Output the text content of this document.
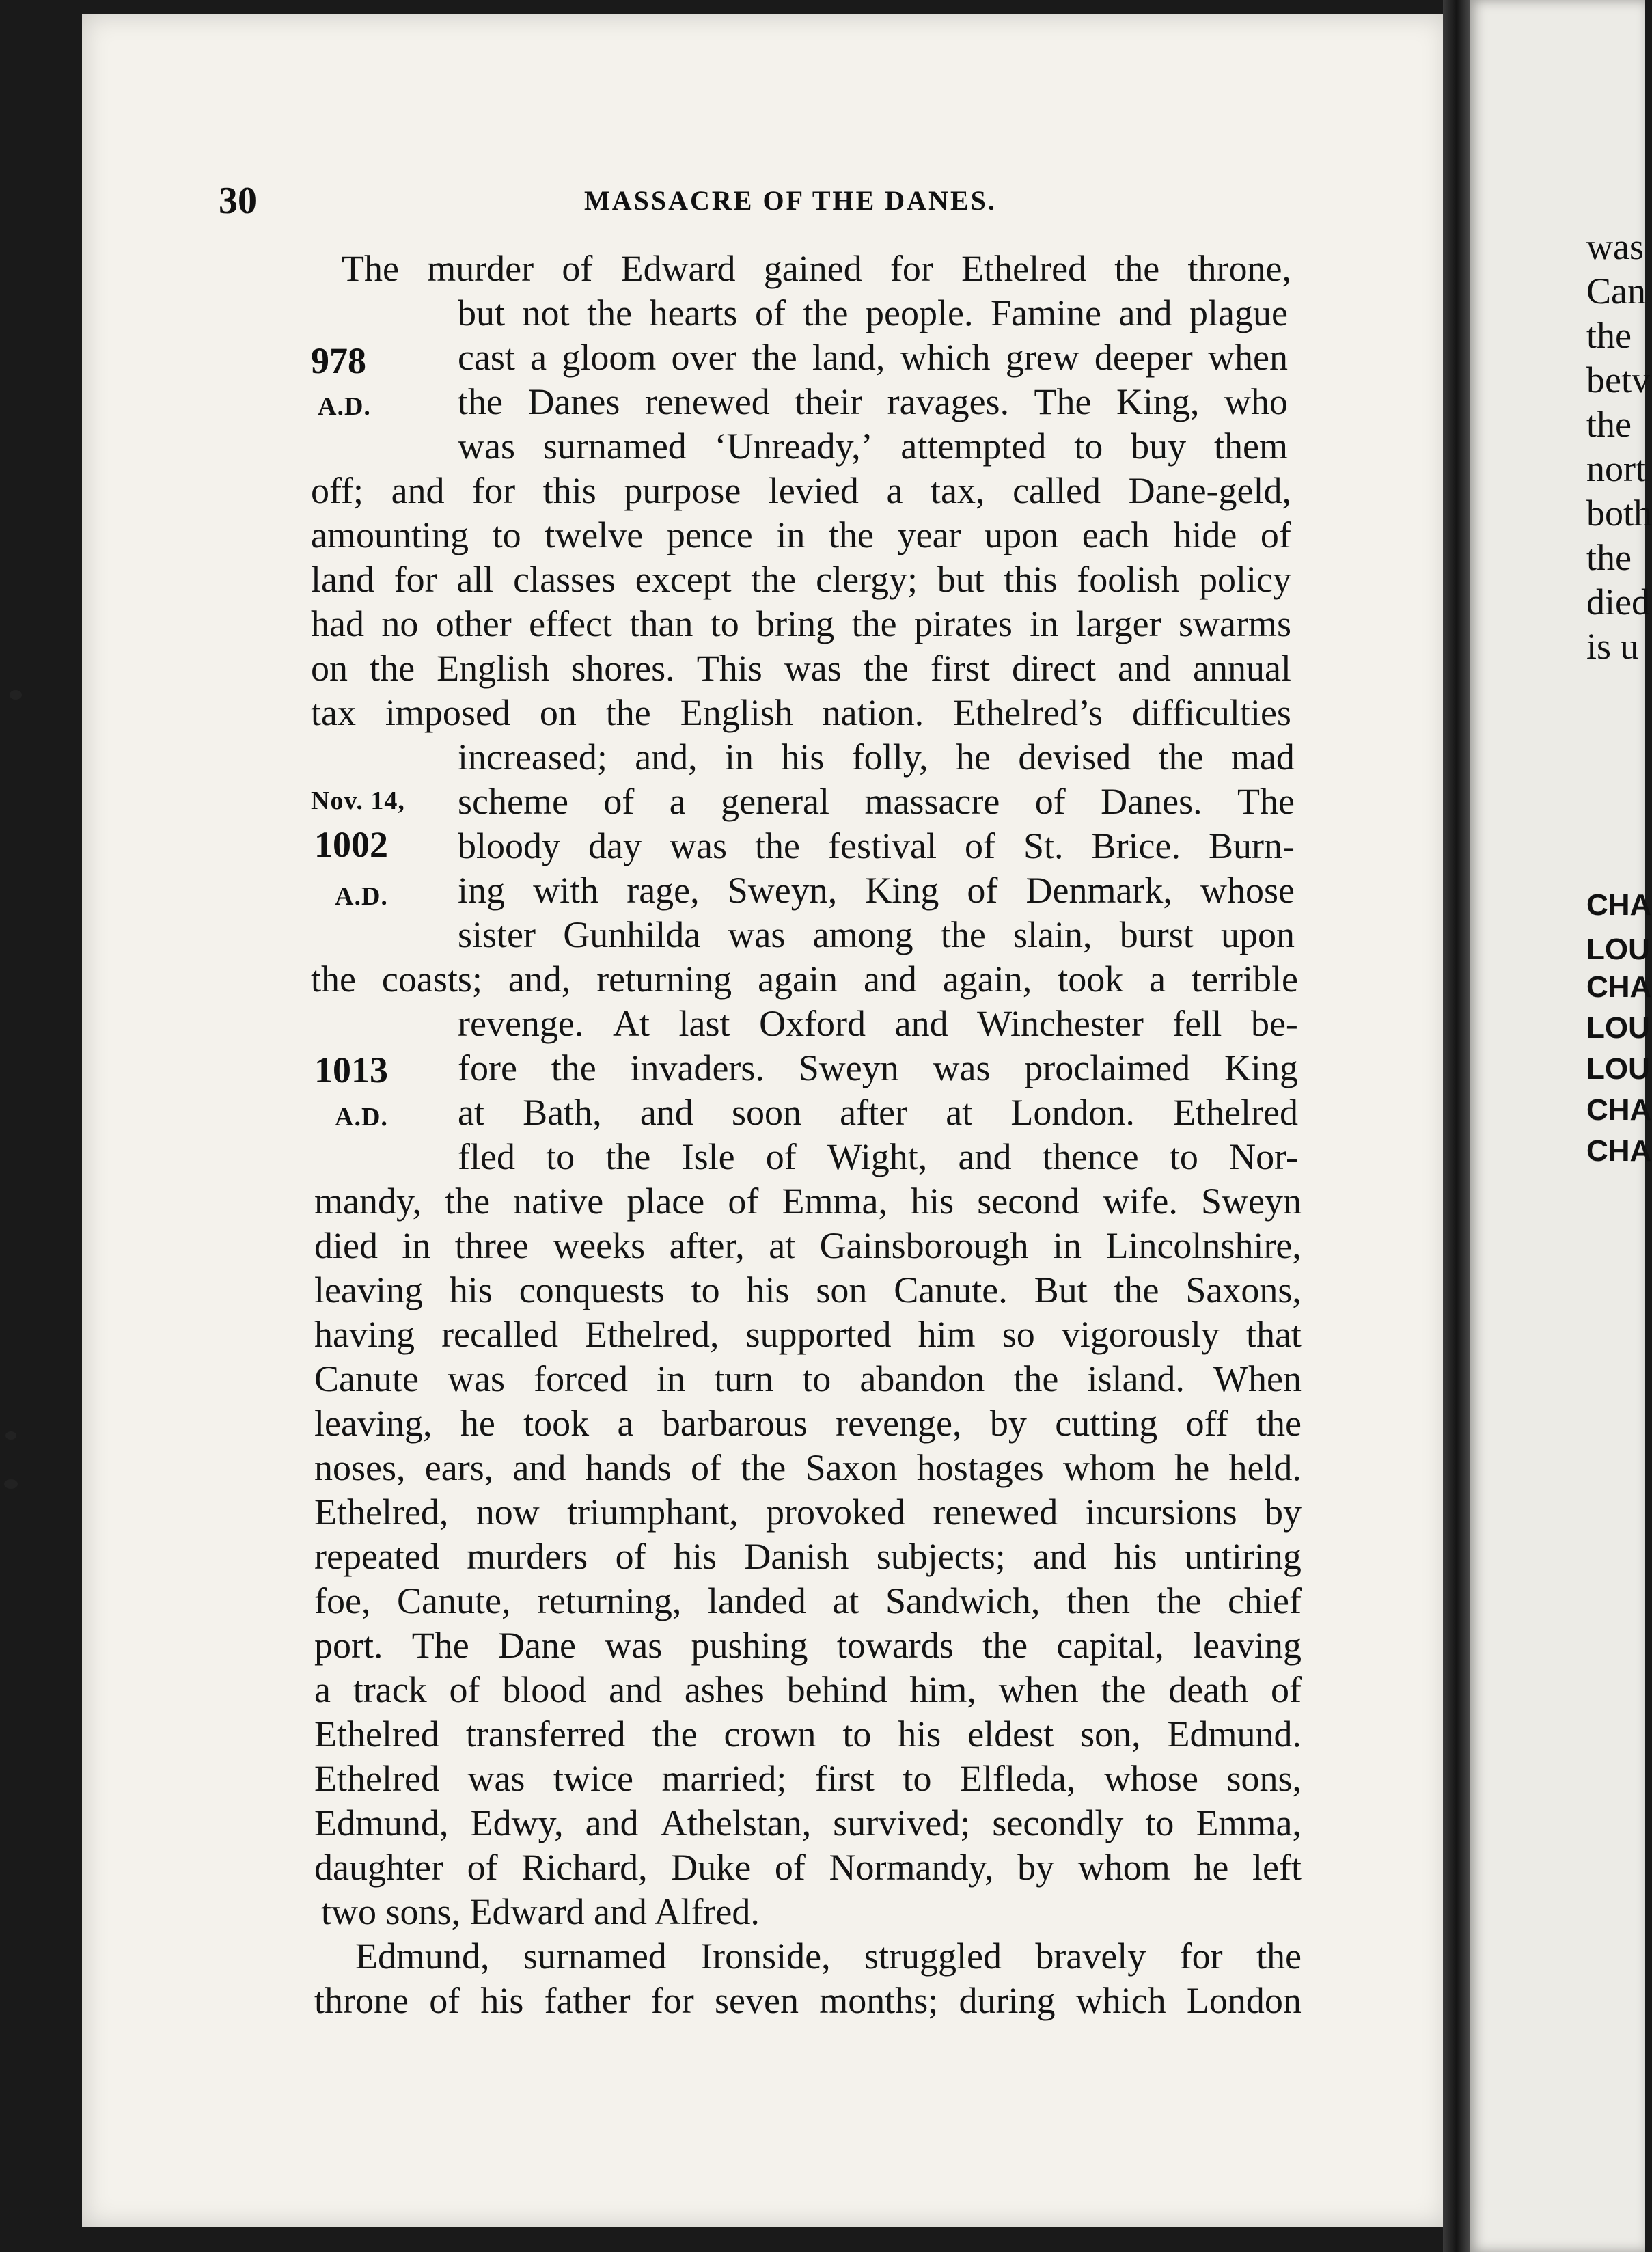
was
Can
the
betv
the
nort
both
the
died
is u
CHA
LOU
CHA
LOU
LOU
CHA
CHA
30	MASSACRE OF THE DANES.
The murder of Edward gained for Ethelred the throne,
but not the hearts of the people. Famine and plague
cast a gloom over the land, which grew deeper when
the Danes renewed their ravages. The King, who
was surnamed ‘Unready,’ attempted to buy them
off; and for this purpose levied a tax, called Dane-geld,
amounting to twelve pence in the year upon each hide of
land for all classes except the clergy; but this foolish policy
had no other effect than to bring the pirates in larger swarms
on the English shores. This was the first direct and annual
tax imposed on the English nation. Ethelred’s difficulties
increased; and, in his folly, he devised the mad
scheme of a general massacre of Danes. The
bloody day was the festival of St. Brice. Burn-
ing with rage, Sweyn, King of Denmark, whose
sister Gunhilda was among the slain, burst upon
the coasts; and, returning again and again, took a terrible
revenge. At last Oxford and Winchester fell be-
fore the invaders. Sweyn was proclaimed King
at Bath, and soon after at London. Ethelred
fled to the Isle of Wight, and thence to Nor-
mandy, the native place of Emma, his second wife. Sweyn
died in three weeks after, at Gainsborough in Lincolnshire,
leaving his conquests to his son Canute. But the Saxons,
having recalled Ethelred, supported him so vigorously that
Canute was forced in turn to abandon the island. When
leaving, he took a barbarous revenge, by cutting off the
noses, ears, and hands of the Saxon hostages whom he held.
Ethelred, now triumphant, provoked renewed incursions by
repeated murders of his Danish subjects; and his untiring
foe, Canute, returning, landed at Sandwich, then the chief
port. The Dane was pushing towards the capital, leaving
a track of blood and ashes behind him, when the death of
Ethelred transferred the crown to his eldest son, Edmund.
Ethelred was twice married; first to Elfleda, whose sons,
Edmund, Edwy, and Athelstan, survived; secondly to Emma,
daughter of Richard, Duke of Normandy, by whom he left
two sons, Edward and Alfred.
Edmund, surnamed Ironside, struggled bravely for the
throne of his father for seven months; during which London
978
A.D.
Nov. 14,
1002
A.D.
1013
A.D.
